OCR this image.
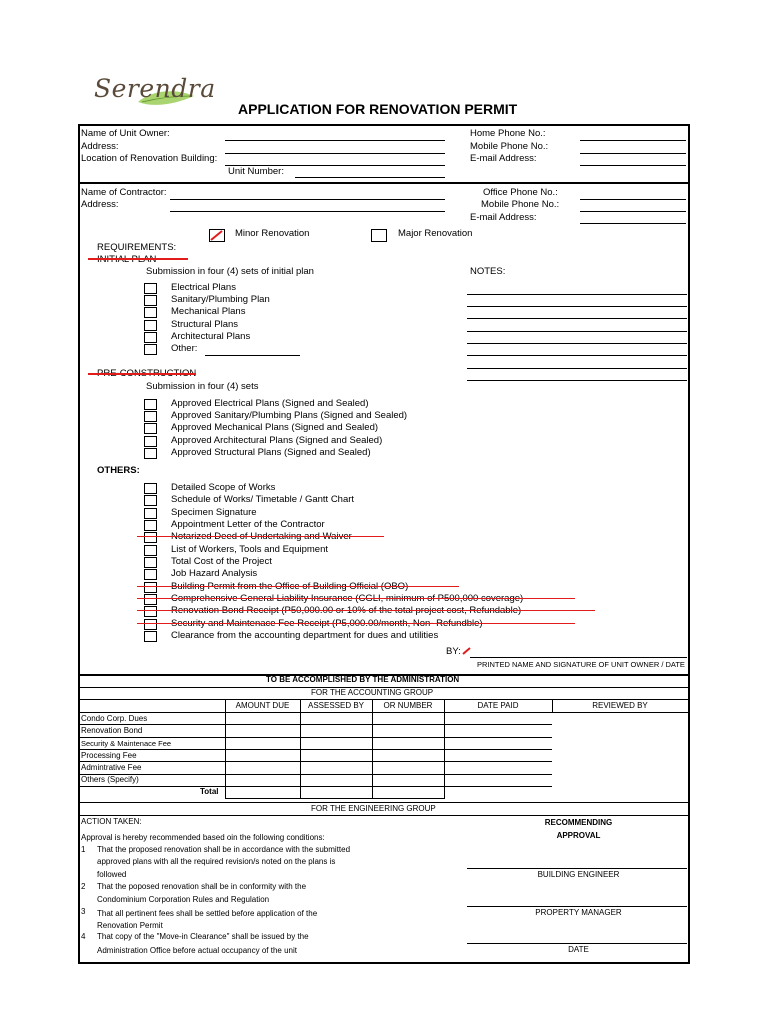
Serendra
APPLICATION FOR RENOVATION PERMIT
Name of Unit Owner:
Address:
Location of Renovation Building:
Unit Number:
Home Phone No.:
Mobile Phone No.:
E-mail Address:
Name of Contractor:
Address:
Office Phone No.:
Mobile Phone No.:
E-mail Address:
Minor Renovation	Major Renovation
REQUIREMENTS:
INITIAL PLAN
Submission in four (4) sets of initial plan	NOTES:
Electrical Plans
Sanitary/Plumbing Plan
Mechanical Plans
Structural Plans
Architectural Plans
Other:
PRE-CONSTRUCTION
Submission in four (4) sets
Approved Electrical Plans (Signed and Sealed)
Approved Sanitary/Plumbing Plans (Signed and Sealed)
Approved Mechanical Plans (Signed and Sealed)
Approved Architectural Plans (Signed and Sealed)
Approved Structural Plans (Signed and Sealed)
OTHERS:
Detailed Scope of Works
Schedule of Works/ Timetable / Gantt Chart
Specimen Signature
Appointment Letter of the Contractor
Notarized Deed of Undertaking and Waiver
List of Workers, Tools and Equipment
Total Cost of the Project
Job Hazard Analysis
Building Permit from the Office of Building Official (OBO)
Comprehensive General Liability Insurance (CGLI, minimum of P500,000 coverage)
Renovation Bond Receipt (P50,000.00 or 10% of the total project cost, Refundable)
Security and Maintenace Fee Receipt (P5,000.00/month, Non- Refundble)
Clearance from the accounting department for dues and utilities
BY:
PRINTED NAME AND SIGNATURE OF UNIT OWNER / DATE
TO BE ACCOMPLISHED BY THE ADMINISTRATION
FOR THE ACCOUNTING GROUP
AMOUNT DUE	ASSESSED BY	OR NUMBER	DATE PAID	REVIEWED BY
Condo Corp. Dues
Renovation Bond
Security & Maintenace Fee
Processing Fee
Admintrative Fee
Others (Specify)
Total
FOR THE ENGINEERING GROUP
ACTION TAKEN:
Approval is hereby recommended based oin the following conditions:
1 That the proposed renovation shall be in accordance with the submitted
approved plans with all the required revision/s noted on the plans is
followed
2 That the poposed renovation shall be in conformity with the
Condominium Corporation Rules and Regulation
3 That all pertinent fees shall be settled before application of the
Renovation Permit
4 That copy of the "Move-in Clearance" shall be issued by the
Administration Office before actual occupancy of the unit
RECOMMENDING
APPROVAL
BUILDING ENGINEER
PROPERTY MANAGER
DATE
